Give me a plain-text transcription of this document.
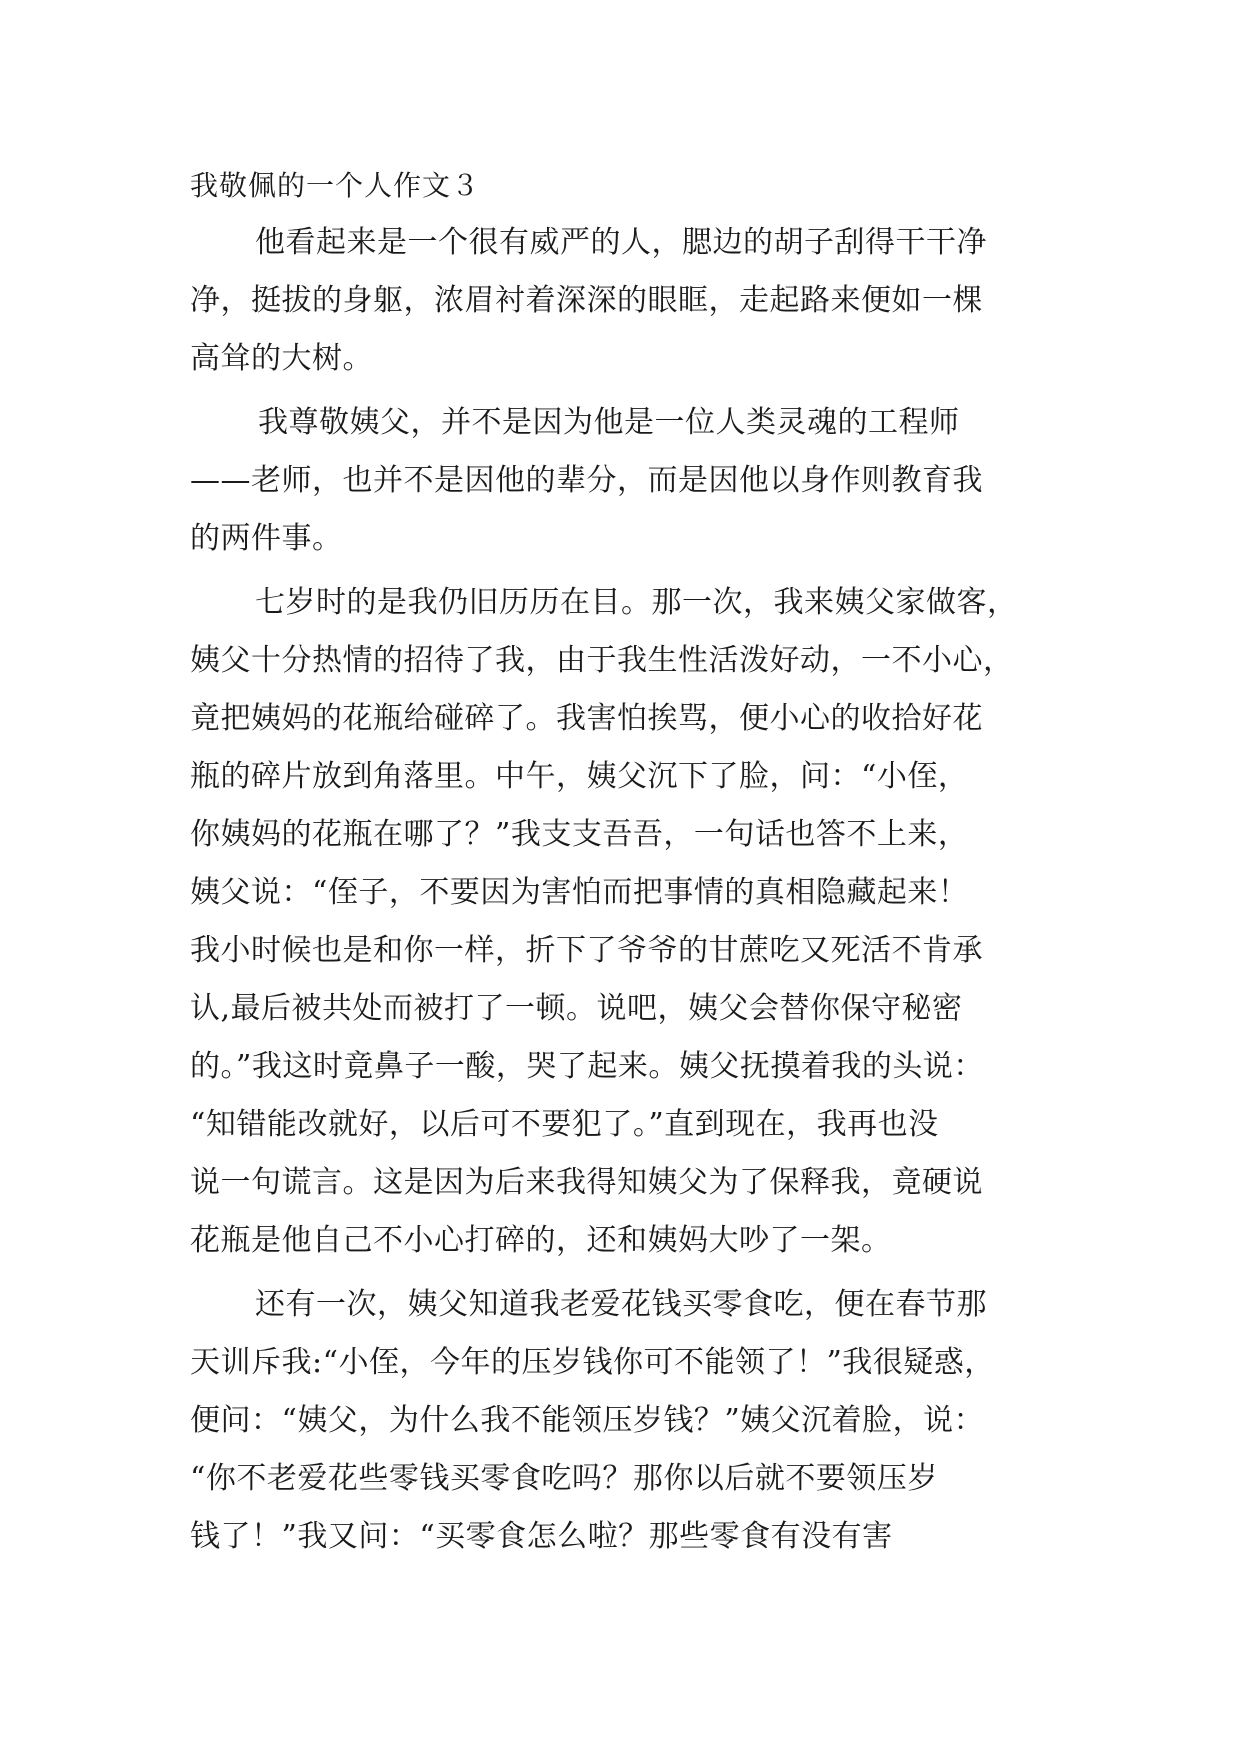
我敬佩的一个人作文３
他看起来是一个很有威严的人，腮边的胡子刮得干干净
净，挺拔的身躯，浓眉衬着深深的眼眶，走起路来便如一棵
高耸的大树。
我尊敬姨父，并不是因为他是一位人类灵魂的工程师
——老师，也并不是因他的辈分，而是因他以身作则教育我
的两件事。
七岁时的是我仍旧历历在目。那一次，我来姨父家做客，
姨父十分热情的招待了我，由于我生性活泼好动，一不小心，
竟把姨妈的花瓶给碰碎了。我害怕挨骂，便小心的收拾好花
瓶的碎片放到角落里。中午，姨父沉下了脸，问：“小侄，
你姨妈的花瓶在哪了？”我支支吾吾，一句话也答不上来，
姨父说：“侄子，不要因为害怕而把事情的真相隐藏起来！
我小时候也是和你一样，折下了爷爷的甘蔗吃又死活不肯承
认,最后被共处而被打了一顿。说吧，姨父会替你保守秘密
的。”我这时竟鼻子一酸，哭了起来。姨父抚摸着我的头说：
“知错能改就好，以后可不要犯了。”直到现在，我再也没
说一句谎言。这是因为后来我得知姨父为了保释我，竟硬说
花瓶是他自己不小心打碎的，还和姨妈大吵了一架。
还有一次，姨父知道我老爱花钱买零食吃，便在春节那
天训斥我:“小侄，今年的压岁钱你可不能领了！”我很疑惑，
便问：“姨父，为什么我不能领压岁钱？”姨父沉着脸，说：
“你不老爱花些零钱买零食吃吗？那你以后就不要领压岁
钱了！”我又问：“买零食怎么啦？那些零食有没有害
